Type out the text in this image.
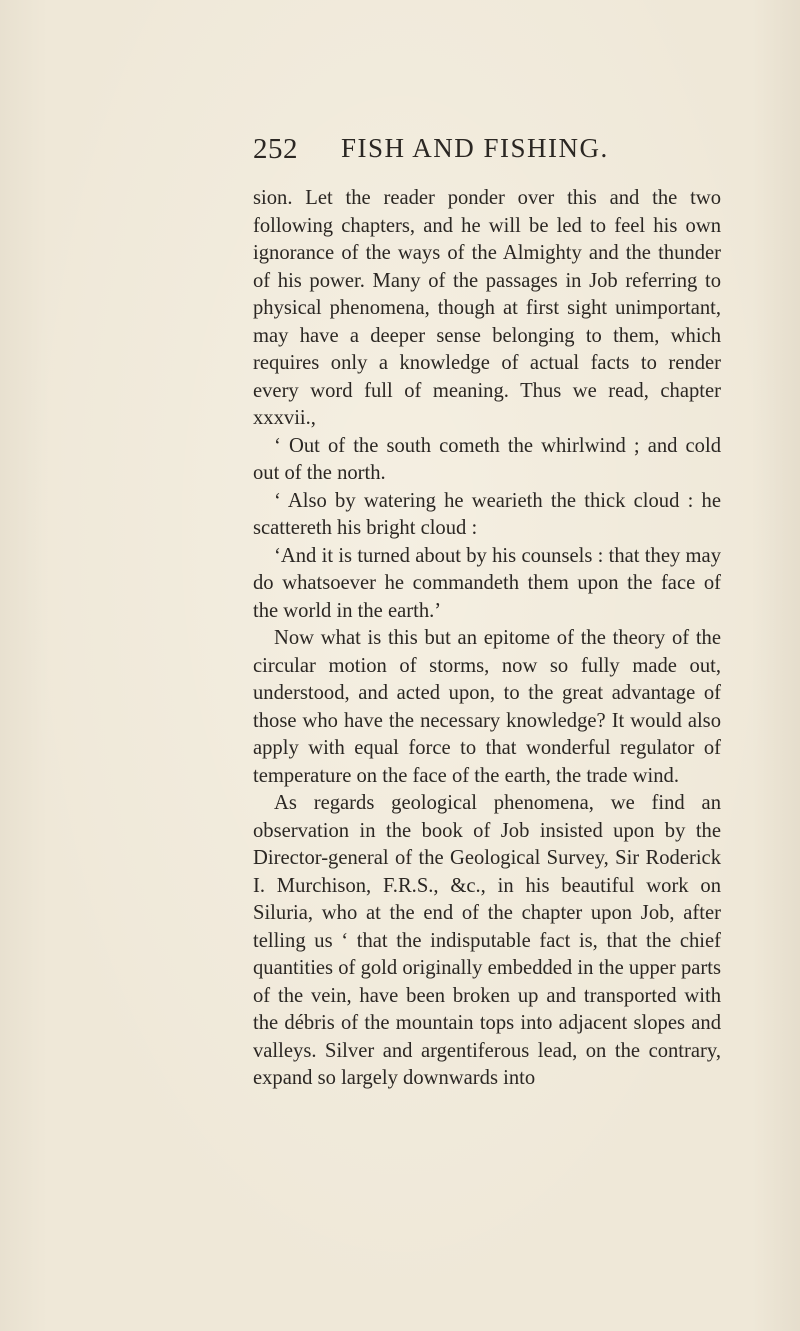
252 FISH AND FISHING.

sion. Let the reader ponder over this and the two following chapters, and he will be led to feel his own ignorance of the ways of the Almighty and the thunder of his power. Many of the passages in Job referring to physical phenomena, though at first sight unimportant, may have a deeper sense belonging to them, which requires only a knowledge of actual facts to render every word full of meaning. Thus we read, chapter xxxvii.,

‘ Out of the south cometh the whirlwind ; and cold out of the north.

‘ Also by watering he wearieth the thick cloud : he scattereth his bright cloud :

‘And it is turned about by his counsels : that they may do whatsoever he commandeth them upon the face of the world in the earth.’

Now what is this but an epitome of the theory of the circular motion of storms, now so fully made out, understood, and acted upon, to the great advantage of those who have the necessary knowledge? It would also apply with equal force to that wonderful regulator of temperature on the face of the earth, the trade wind.

As regards geological phenomena, we find an observation in the book of Job insisted upon by the Director-general of the Geological Survey, Sir Roderick I. Murchison, F.R.S., &c., in his beautiful work on Siluria, who at the end of the chapter upon Job, after telling us ‘ that the indisputable fact is, that the chief quantities of gold originally embedded in the upper parts of the vein, have been broken up and transported with the débris of the mountain tops into adjacent slopes and valleys. Silver and argentiferous lead, on the contrary, expand so largely downwards into
